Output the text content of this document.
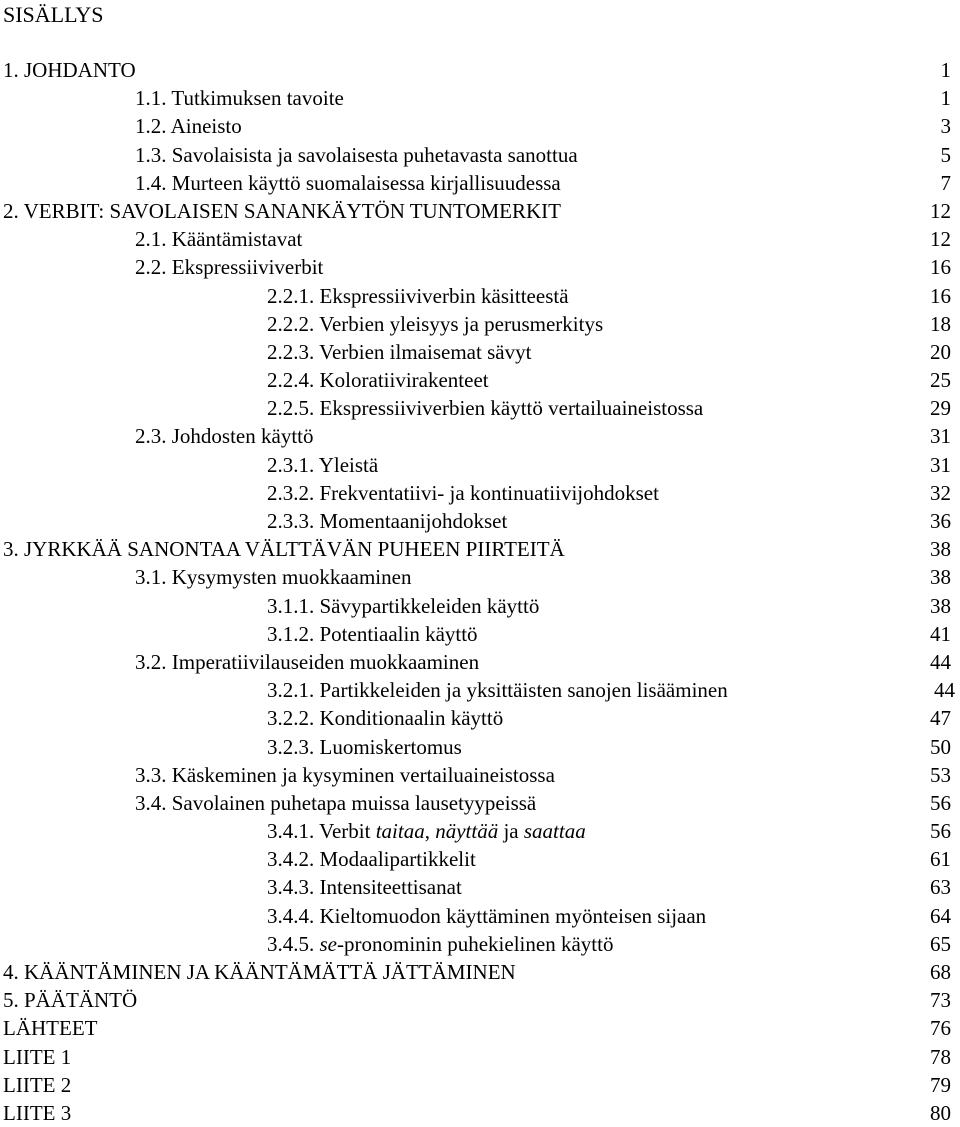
SISÄLLYS
1. JOHDANTO	1
1.1. Tutkimuksen tavoite	1
1.2. Aineisto	3
1.3. Savolaisista ja savolaisesta puhetavasta sanottua	5
1.4. Murteen käyttö suomalaisessa kirjallisuudessa	7
2. VERBIT: SAVOLAISEN SANANKÄYTÖN TUNTOMERKIT	12
2.1. Kääntämistavat	12
2.2. Ekspressiiviverbit	16
2.2.1. Ekspressiiviverbin käsitteestä	16
2.2.2. Verbien yleisyys ja perusmerkitys	18
2.2.3. Verbien ilmaisemat sävyt	20
2.2.4. Koloratiivirakenteet	25
2.2.5. Ekspressiiviverbien käyttö vertailuaineistossa	29
2.3. Johdosten käyttö	31
2.3.1. Yleistä	31
2.3.2. Frekventatiivi- ja kontinuatiivijohdokset	32
2.3.3. Momentaanijohdokset	36
3. JYRKKÄÄ SANONTAA VÄLTTÄVÄN PUHEEN PIIRTEITÄ	38
3.1. Kysymysten muokkaaminen	38
3.1.1. Sävypartikkeleiden käyttö	38
3.1.2. Potentiaalin käyttö	41
3.2. Imperatiivilauseiden muokkaaminen	44
3.2.1. Partikkeleiden ja yksittäisten sanojen lisääminen	44
3.2.2. Konditionaalin käyttö	47
3.2.3. Luomiskertomus	50
3.3. Käskeminen ja kysyminen vertailuaineistossa	53
3.4. Savolainen puhetapa muissa lausetyypeissä	56
3.4.1. Verbit taitaa, näyttää ja saattaa	56
3.4.2. Modaalipartikkelit	61
3.4.3. Intensiteettisanat	63
3.4.4. Kieltomuodon käyttäminen myönteisen sijaan	64
3.4.5. se-pronominin puhekielinen käyttö	65
4. KÄÄNTÄMINEN JA KÄÄNTÄMÄTTÄ JÄTTÄMINEN	68
5. PÄÄTÄNTÖ	73
LÄHTEET	76
LIITE 1	78
LIITE 2	79
LIITE 3	80
